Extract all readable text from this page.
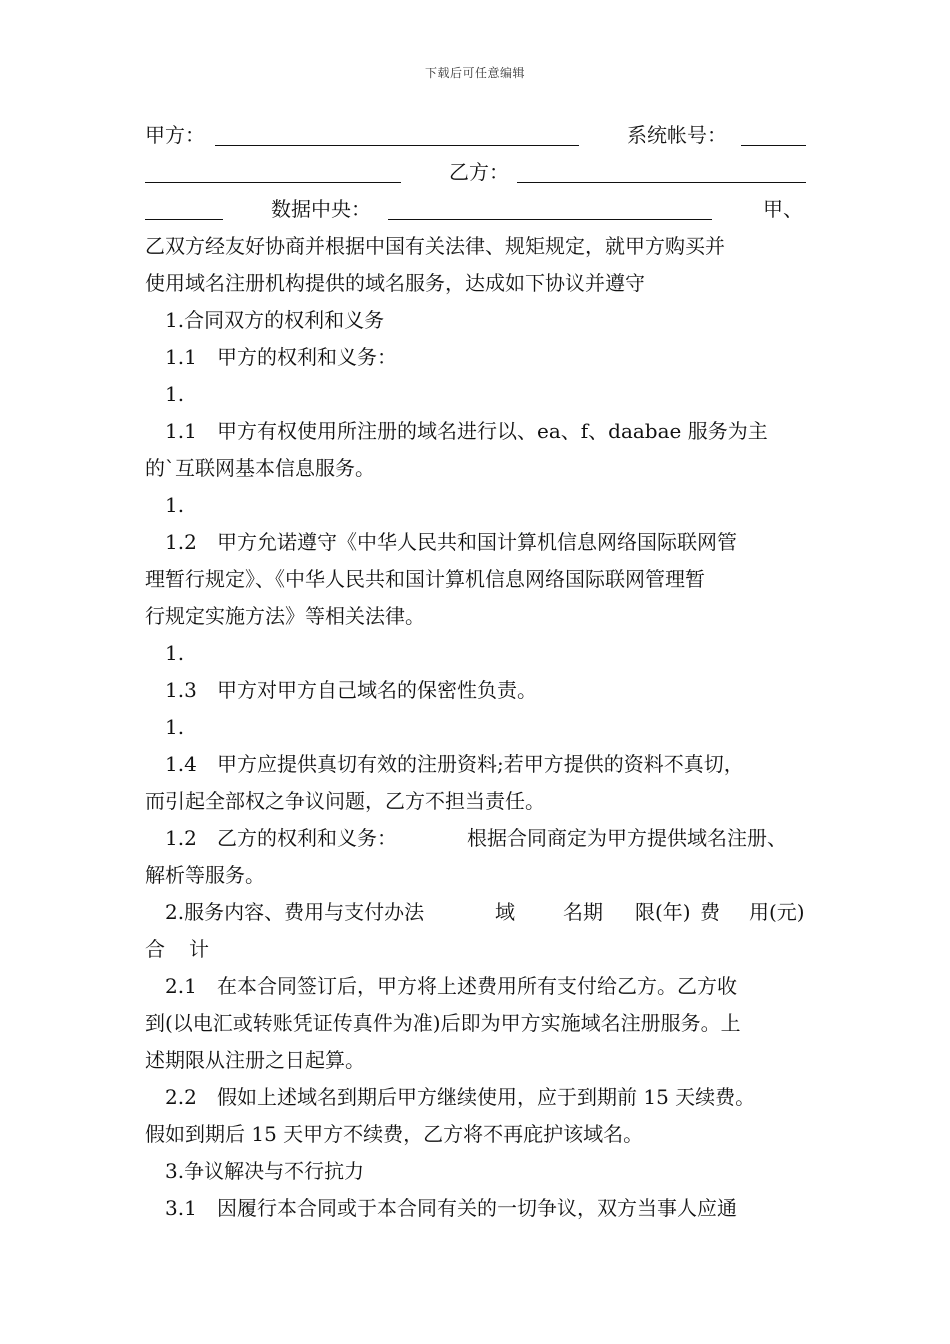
下载后可任意编辑
甲方：	系统帐号：
乙方：
数据中央：	甲、
乙双方经友好协商并根据中国有关法律、规矩规定，就甲方购买并
使用域名注册机构提供的域名服务，达成如下协议并遵守
1.合同双方的权利和义务
1.1 甲方的权利和义务：
1.
1.1 甲方有权使用所注册的域名进行以、ea、f、daabae 服务为主
的`互联网基本信息服务。
1.
1.2 甲方允诺遵守《中华人民共和国计算机信息网络国际联网管
理暂行规定》、《中华人民共和国计算机信息网络国际联网管理暂
行规定实施方法》等相关法律。
1.
1.3 甲方对甲方自己域名的保密性负责。
1.
1.4 甲方应提供真切有效的注册资料;若甲方提供的资料不真切，
而引起全部权之争议问题，乙方不担当责任。
1.2 乙方的权利和义务：	根据合同商定为甲方提供域名注册、
解析等服务。
2.服务内容、费用与支付办法	域 名期 限(年) 费 用(元)
合 计
2.1 在本合同签订后，甲方将上述费用所有支付给乙方。乙方收
到(以电汇或转账凭证传真件为准)后即为甲方实施域名注册服务。上
述期限从注册之日起算。
2.2 假如上述域名到期后甲方继续使用，应于到期前 15 天续费。
假如到期后 15 天甲方不续费，乙方将不再庇护该域名。
3.争议解决与不行抗力
3.1 因履行本合同或于本合同有关的一切争议，双方当事人应通
